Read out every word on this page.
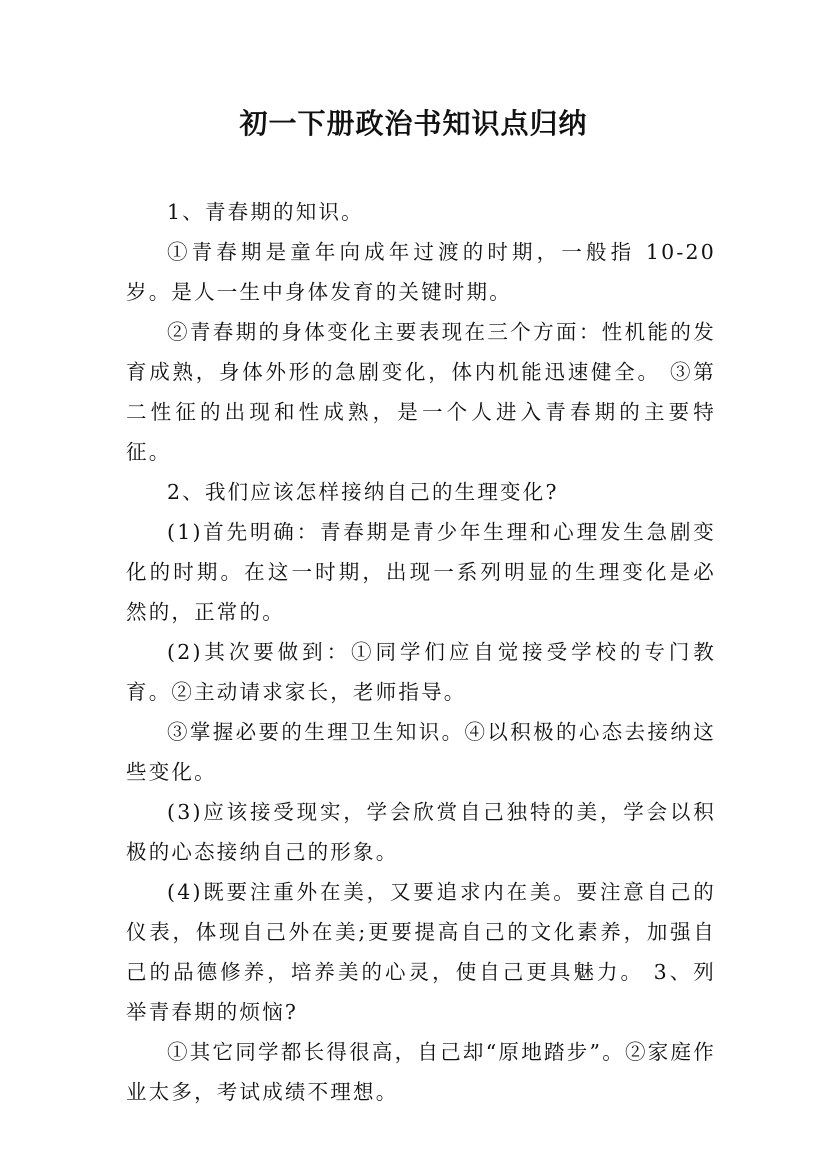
初一下册政治书知识点归纳

1、青春期的知识。

①青春期是童年向成年过渡的时期，一般指 10-20 岁。是人一生中身体发育的关键时期。

②青春期的身体变化主要表现在三个方面：性机能的发育成熟，身体外形的急剧变化，体内机能迅速健全。 ③第二性征的出现和性成熟，是一个人进入青春期的主要特征。

2、我们应该怎样接纳自己的生理变化?

(1)首先明确：青春期是青少年生理和心理发生急剧变化的时期。在这一时期，出现一系列明显的生理变化是必然的，正常的。

(2)其次要做到：①同学们应自觉接受学校的专门教育。②主动请求家长，老师指导。

③掌握必要的生理卫生知识。④以积极的心态去接纳这些变化。

(3)应该接受现实，学会欣赏自己独特的美，学会以积极的心态接纳自己的形象。

(4)既要注重外在美，又要追求内在美。要注意自己的仪表，体现自己外在美;更要提高自己的文化素养，加强自己的品德修养，培养美的心灵，使自己更具魅力。 3、列举青春期的烦恼?

①其它同学都长得很高，自己却“原地踏步”。②家庭作业太多，考试成绩不理想。
